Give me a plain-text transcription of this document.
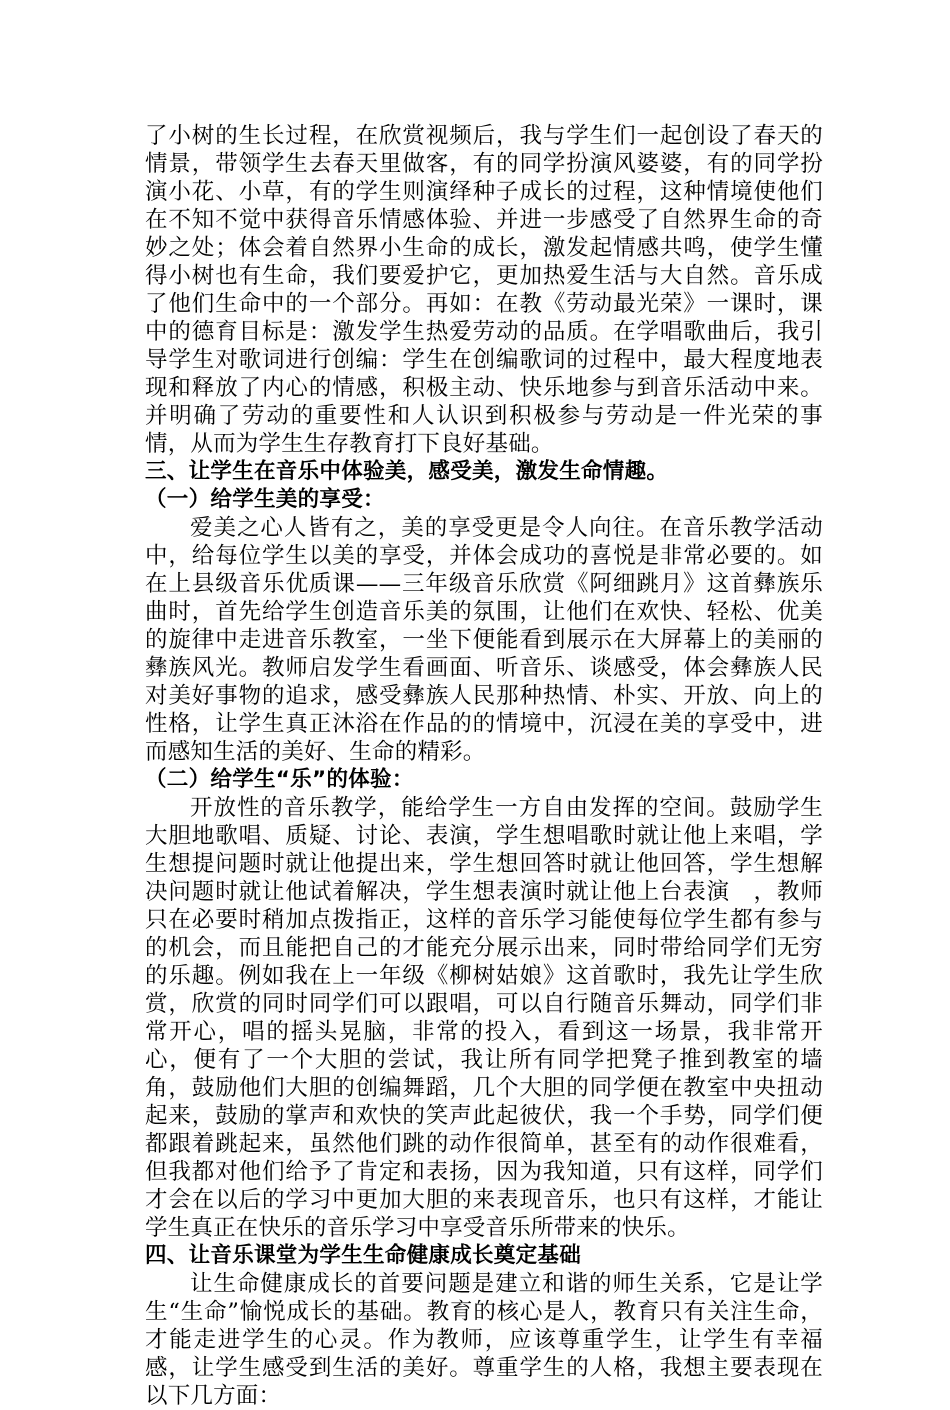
了小树的生长过程，在欣赏视频后，我与学生们一起创设了春天的情景，带领学生去春天里做客，有的同学扮演风婆婆，有的同学扮演小花、小草，有的学生则演绎种子成长的过程，这种情境使他们在不知不觉中获得音乐情感体验、并进一步感受了自然界生命的奇妙之处；体会着自然界小生命的成长，激发起情感共鸣，使学生懂得小树也有生命，我们要爱护它，更加热爱生活与大自然。音乐成了他们生命中的一个部分。再如：在教《劳动最光荣》一课时，课中的德育目标是：激发学生热爱劳动的品质。在学唱歌曲后，我引导学生对歌词进行创编：学生在创编歌词的过程中，最大程度地表现和释放了内心的情感，积极主动、快乐地参与到音乐活动中来。并明确了劳动的重要性和人认识到积极参与劳动是一件光荣的事情，从而为学生生存教育打下良好基础。

三、让学生在音乐中体验美，感受美，激发生命情趣。

（一）给学生美的享受：

爱美之心人皆有之，美的享受更是令人向往。在音乐教学活动中，给每位学生以美的享受，并体会成功的喜悦是非常必要的。如在上县级音乐优质课——三年级音乐欣赏《阿细跳月》这首彝族乐曲时，首先给学生创造音乐美的氛围，让他们在欢快、轻松、优美的旋律中走进音乐教室，一坐下便能看到展示在大屏幕上的美丽的彝族风光。教师启发学生看画面、听音乐、谈感受，体会彝族人民对美好事物的追求，感受彝族人民那种热情、朴实、开放、向上的性格，让学生真正沐浴在作品的的情境中，沉浸在美的享受中，进而感知生活的美好、生命的精彩。

（二）给学生“乐”的体验：

开放性的音乐教学，能给学生一方自由发挥的空间。鼓励学生大胆地歌唱、质疑、讨论、表演，学生想唱歌时就让他上来唱，学生想提问题时就让他提出来，学生想回答时就让他回答，学生想解决问题时就让他试着解决，学生想表演时就让他上台表演　，教师只在必要时稍加点拨指正，这样的音乐学习能使每位学生都有参与的机会，而且能把自己的才能充分展示出来，同时带给同学们无穷的乐趣。例如我在上一年级《柳树姑娘》这首歌时，我先让学生欣赏，欣赏的同时同学们可以跟唱，可以自行随音乐舞动，同学们非常开心，唱的摇头晃脑，非常的投入，看到这一场景，我非常开心，便有了一个大胆的尝试，我让所有同学把凳子推到教室的墙角，鼓励他们大胆的创编舞蹈，几个大胆的同学便在教室中央扭动起来，鼓励的掌声和欢快的笑声此起彼伏，我一个手势，同学们便都跟着跳起来，虽然他们跳的动作很简单，甚至有的动作很难看，但我都对他们给予了肯定和表扬，因为我知道，只有这样，同学们才会在以后的学习中更加大胆的来表现音乐，也只有这样，才能让学生真正在快乐的音乐学习中享受音乐所带来的快乐。

四、让音乐课堂为学生生命健康成长奠定基础

让生命健康成长的首要问题是建立和谐的师生关系，它是让学生“生命”愉悦成长的基础。教育的核心是人，教育只有关注生命，才能走进学生的心灵。作为教师，应该尊重学生，让学生有幸福感，让学生感受到生活的美好。尊重学生的人格，我想主要表现在以下几方面：
